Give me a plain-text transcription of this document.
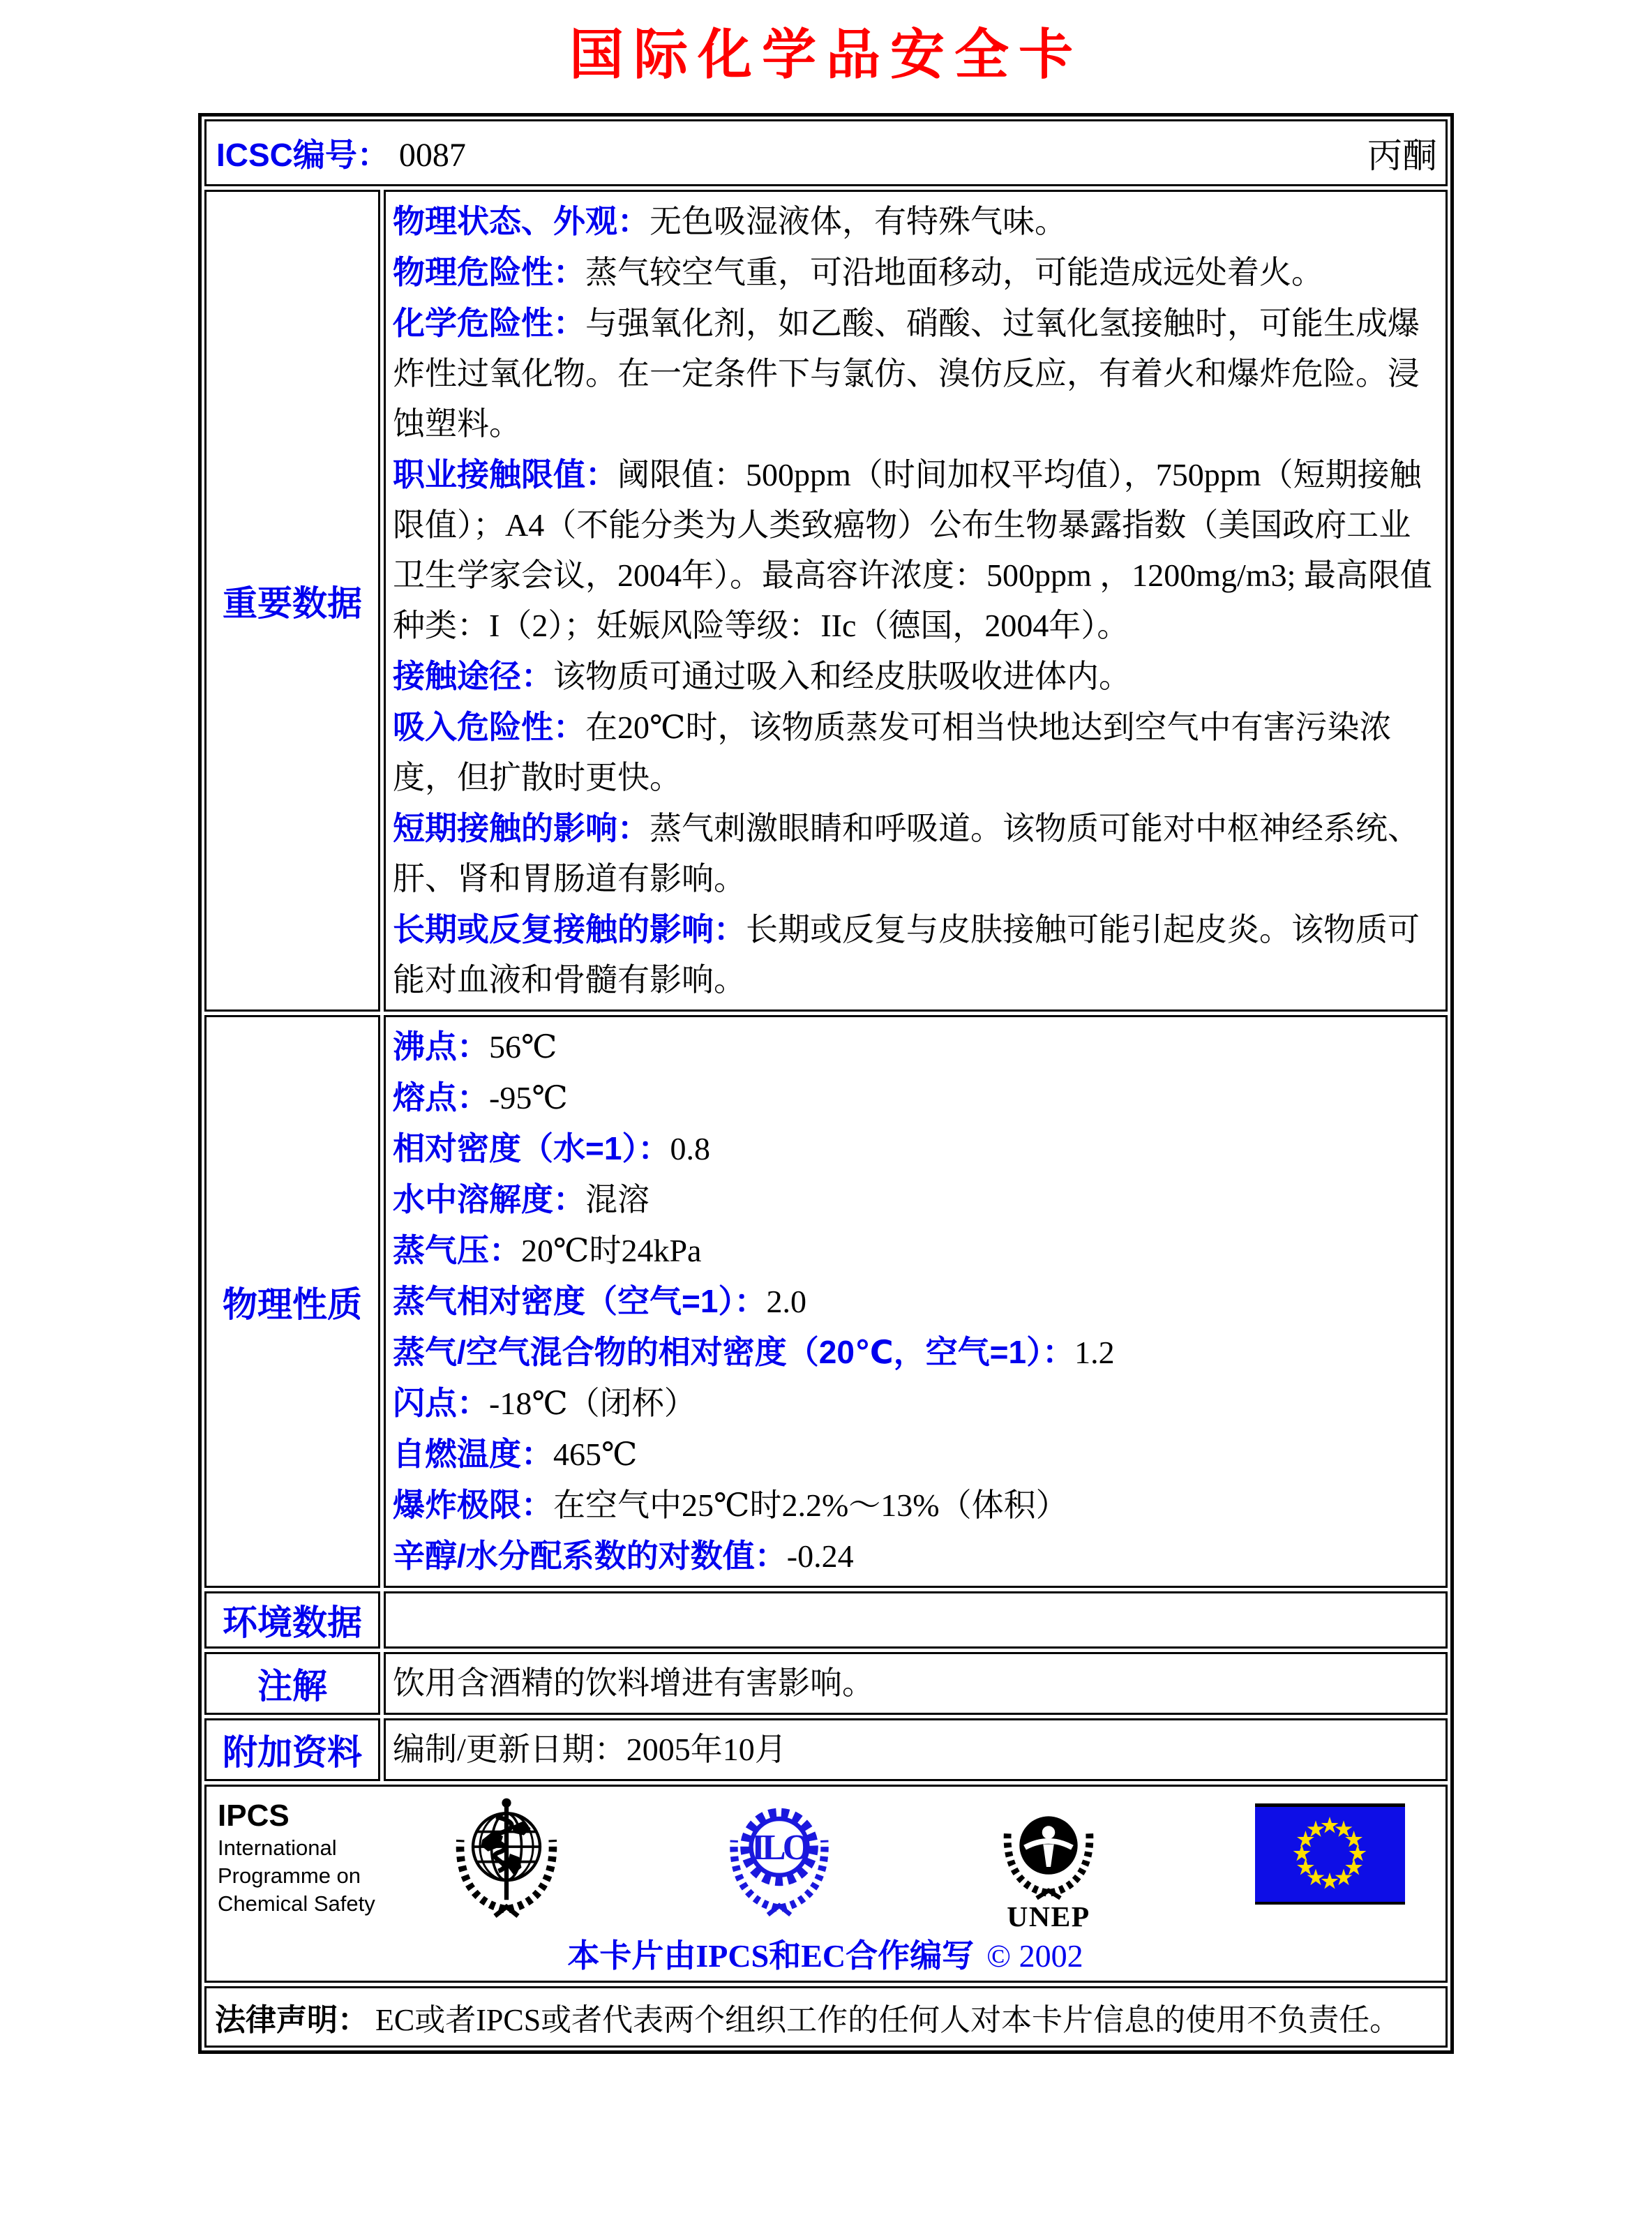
国际化学品安全卡
ICSC编号： 0087	丙酮
重要数据

物理状态、外观：无色吸湿液体，有特殊气味。

物理危险性：蒸气较空气重，可沿地面移动，可能造成远处着火。

化学危险性：与强氧化剂，如乙酸、硝酸、过氧化氢接触时，可能生成爆炸性过氧化物。在一定条件下与氯仿、溴仿反应，有着火和爆炸危险。浸蚀塑料。

职业接触限值：阈限值：500ppm（时间加权平均值），750ppm（短期接触限值）；A4（不能分类为人类致癌物）公布生物暴露指数（美国政府工业卫生学家会议，2004年）。最高容许浓度：500ppm ，1200mg/m3; 最高限值种类：I（2）；妊娠风险等级：IIc（德国，2004年）。

接触途径：该物质可通过吸入和经皮肤吸收进体内。

吸入危险性：在20℃时，该物质蒸发可相当快地达到空气中有害污染浓度，但扩散时更快。

短期接触的影响：蒸气刺激眼睛和呼吸道。该物质可能对中枢神经系统、肝、肾和胃肠道有影响。

长期或反复接触的影响：长期或反复与皮肤接触可能引起皮炎。该物质可能对血液和骨髓有影响。

物理性质

沸点：56℃

熔点：-95℃

相对密度（水=1）：0.8

水中溶解度：混溶

蒸气压：20℃时24kPa

蒸气相对密度（空气=1）：2.0

蒸气/空气混合物的相对密度（20℃，空气=1）：1.2

闪点：-18℃（闭杯）

自燃温度：465℃

爆炸极限：在空气中25℃时2.2%～13%（体积）

辛醇/水分配系数的对数值：-0.24

环境数据

注解	饮用含酒精的饮料增进有害影响。

附加资料 编制/更新日期：2005年10月

IPCS
International
Programme on
Chemical Safety
ILO
UNEP
本卡片由IPCS和EC合作编写 © 2002
法律声明： EC或者IPCS或者代表两个组织工作的任何人对本卡片信息的使用不负责任。
